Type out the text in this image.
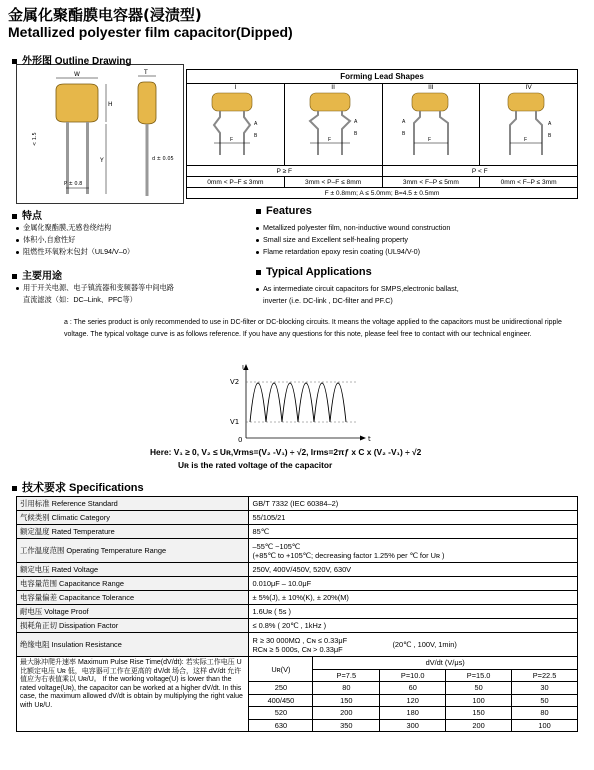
金属化聚酯膜电容器(浸渍型)
Metallized polyester film capacitor(Dipped)
外形图 Outline Drawing
W
H
Y
P ± 0.8
< 1.5
T
d ± 0.05
Forming Lead Shapes			

I
F
A
B	II
F
A
B	III
F
A
B	IV
F
A
B

P ≥ F		P < F	
0mm < P–F ≤ 3mm	3mm < P–F ≤ 8mm	3mm < F–P ≤ 5mm	0mm < F–P ≤ 3mm
F ± 0.8mm; A ≤ 5.0mm; B=4.5 ± 0.5mm			
特点
金属化聚酯膜,无感卷绕结构
体积小,自愈性好
阻燃性环氧粉末包封（UL94/V–0）
Features
Metallized polyester film, non-inductive wound construction
Small size and Excellent self-healing property
Flame retardation epoxy resin coating (UL94/V-0)
主要用途
用于开关电源、电子镇流器和变频器等中间电路
直流滤波（如：DC–Link、PFC等）
Typical Applications
As intermediate circuit capacitors for SMPS,electronic ballast,
inverter (i.e. DC-link , DC-filter and PF.C)
a : The series product is only recommended to use in DC-filter or DC-blocking circuits. It means the voltage applied to the capacitors must be unidirectional ripple voltage. The typical voltage curve is as follows reference. If you have any questions for this note, please feel free to contact with our technical engineer.
V2
V1
U
t
0
Here: V₁ ≥ 0, V₂ ≤ Uʀ,Vrms=(V₂ -V₁) ÷ √2, Irms=2πƒ x C x (V₂ -V₁) ÷ √2
Uʀ is the rated voltage of the capacitor
技术要求 Specifications
引用标准 Reference Standard	GB/T 7332 (IEC 60384–2)				
气候类别 Climatic Category	55/105/21				
额定温度 Rated Temperature	85℃				
工作温度范围 Operating Temperature Range	–55℃ ~105℃
(+85℃ to +105℃; decreasing factor 1.25% per ℃ for Uʀ )				

额定电压 Rated Voltage	250V, 400V/450V, 520V, 630V				
电容量范围 Capacitance Range	0.010μF – 10.0μF				
电容量偏差 Capacitance Tolerance	± 5%(J), ± 10%(K), ± 20%(M)				
耐电压 Voltage Proof	1.6Uʀ ( 5s )				
损耗角正切 Dissipation Factor	≤ 0.8% ( 20℃ , 1kHz )				
绝缘电阻 Insulation Resistance	R ≥ 30 000MΩ , Cɴ ≤ 0.33μF
RCɴ ≥ 5 000s, Cɴ > 0.33μF (20℃ , 100V, 1min)				

最大脉冲爬升速率 Maximum Pulse Rise Time(dV/dt): 若实际工作电压 U 比额定电压 Uʀ 低，电容器可工作在更高的 dV/dt 场合，这样 dV/dt 允许值应为右表值乘以 Uʀ/U。 If the working voltage(U) is lower than the rated voltage(Uʀ), the capacitor can be worked at a higher dV/dt. In this case, the maximum allowed dV/dt is obtain by multiplying the right value with Uʀ/U.	Uʀ(V)	dV/dt (V/μs)			
		P=7.5	P=10.0	P=15.0	P=22.5
	250	80	60	50	30
	400/450	150	120	100	50
	520	200	180	150	80
	630	350	300	200	100
